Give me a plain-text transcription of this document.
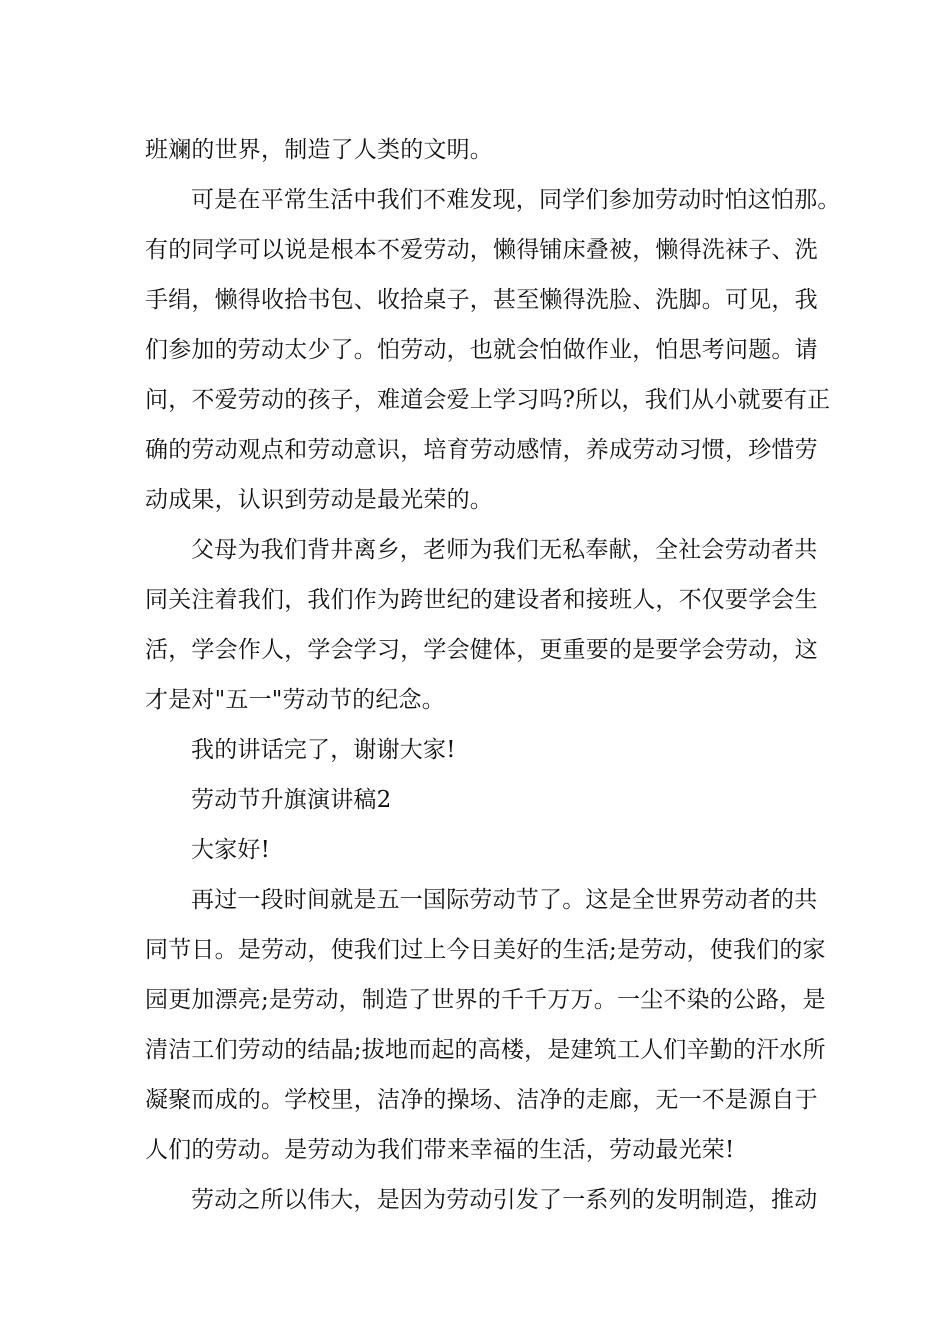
班斓的世界，制造了人类的文明。

可是在平常生活中我们不难发现，同学们参加劳动时怕这怕那。
有的同学可以说是根本不爱劳动，懒得铺床叠被，懒得洗袜子、洗
手绢，懒得收拾书包、收拾桌子，甚至懒得洗脸、洗脚。可见，我
们参加的劳动太少了。怕劳动，也就会怕做作业，怕思考问题。请
问，不爱劳动的孩子，难道会爱上学习吗?所以，我们从小就要有正
确的劳动观点和劳动意识，培育劳动感情，养成劳动习惯，珍惜劳
动成果，认识到劳动是最光荣的。

父母为我们背井离乡，老师为我们无私奉献，全社会劳动者共
同关注着我们，我们作为跨世纪的建设者和接班人，不仅要学会生
活，学会作人，学会学习，学会健体，更重要的是要学会劳动，这
才是对"五一"劳动节的纪念。

我的讲话完了，谢谢大家!

劳动节升旗演讲稿2

大家好!

再过一段时间就是五一国际劳动节了。这是全世界劳动者的共
同节日。是劳动，使我们过上今日美好的生活;是劳动，使我们的家
园更加漂亮;是劳动，制造了世界的千千万万。一尘不染的公路，是
清洁工们劳动的结晶;拔地而起的高楼，是建筑工人们辛勤的汗水所
凝聚而成的。学校里，洁净的操场、洁净的走廊，无一不是源自于
人们的劳动。是劳动为我们带来幸福的生活，劳动最光荣!

劳动之所以伟大，是因为劳动引发了一系列的发明制造，推动
